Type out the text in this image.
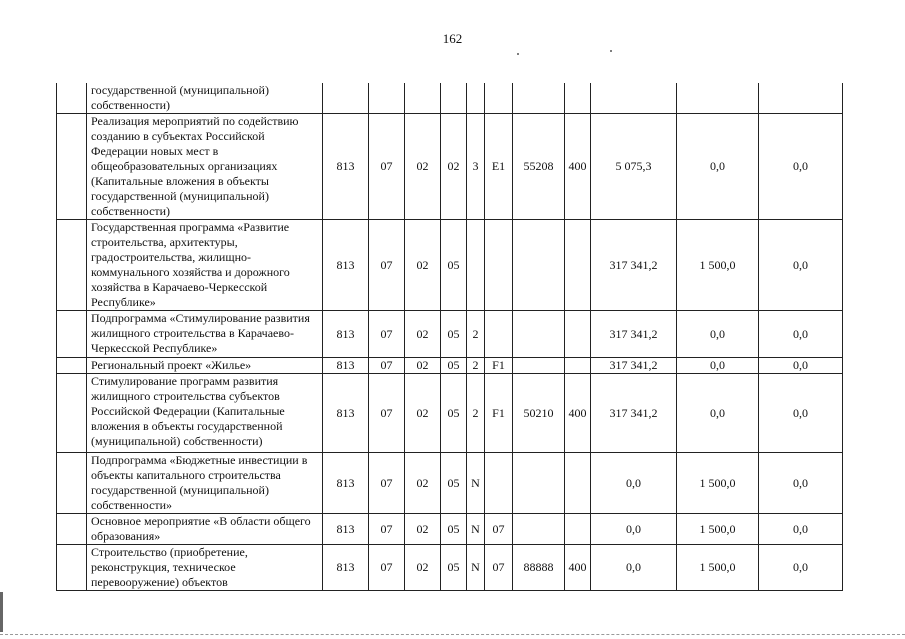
162
	государственной (муниципальной) собственности)											
	Реализация мероприятий по содействию созданию в субъектах Российской Федерации новых мест в общеобразовательных организациях (Капитальные вложения в объекты государственной (муниципальной) собственности)	813	07	02	02	3	E1	55208	400	5 075,3	0,0	0,0
	Государственная программа «Развитие строительства, архитектуры, градостроительства, жилищно-коммунального хозяйства и дорожного хозяйства в Карачаево-Черкесской Республике»	813	07	02	05					317 341,2	1 500,0	0,0
	Подпрограмма «Стимулирование развития жилищного строительства в Карачаево-Черкесской Республике»	813	07	02	05	2				317 341,2	0,0	0,0
	Региональный проект «Жилье»	813	07	02	05	2	F1			317 341,2	0,0	0,0
	Стимулирование программ развития жилищного строительства субъектов Российской Федерации (Капитальные вложения в объекты государственной (муниципальной) собственности)	813	07	02	05	2	F1	50210	400	317 341,2	0,0	0,0
	Подпрограмма «Бюджетные инвестиции в объекты капитального строительства государственной (муниципальной) собственности»	813	07	02	05	N				0,0	1 500,0	0,0
	Основное мероприятие «В области общего образования»	813	07	02	05	N	07			0,0	1 500,0	0,0
	Строительство (приобретение, реконструкция, техническое перевооружение) объектов	813	07	02	05	N	07	88888	400	0,0	1 500,0	0,0
